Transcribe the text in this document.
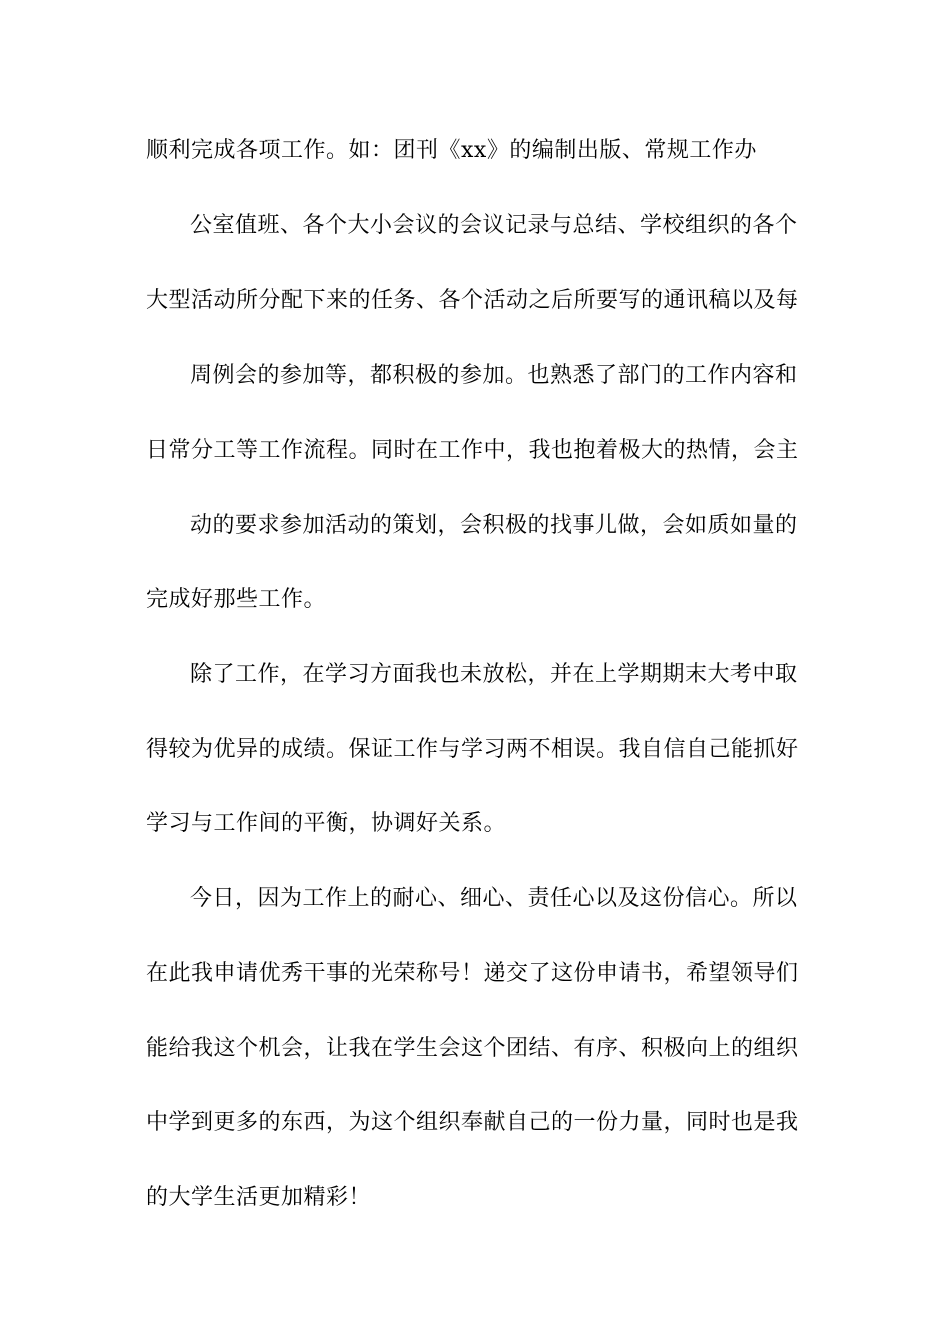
顺利完成各项工作。如：团刊《xx》的编制出版、常规工作办
公室值班、各个大小会议的会议记录与总结、学校组织的各个
大型活动所分配下来的任务、各个活动之后所要写的通讯稿以及每
周例会的参加等，都积极的参加。也熟悉了部门的工作内容和
日常分工等工作流程。同时在工作中，我也抱着极大的热情，会主
动的要求参加活动的策划，会积极的找事儿做，会如质如量的
完成好那些工作。
除了工作，在学习方面我也未放松，并在上学期期末大考中取
得较为优异的成绩。保证工作与学习两不相误。我自信自己能抓好
学习与工作间的平衡，协调好关系。
今日，因为工作上的耐心、细心、责任心以及这份信心。所以
在此我申请优秀干事的光荣称号！递交了这份申请书，希望领导们
能给我这个机会，让我在学生会这个团结、有序、积极向上的组织
中学到更多的东西，为这个组织奉献自己的一份力量，同时也是我
的大学生活更加精彩！
